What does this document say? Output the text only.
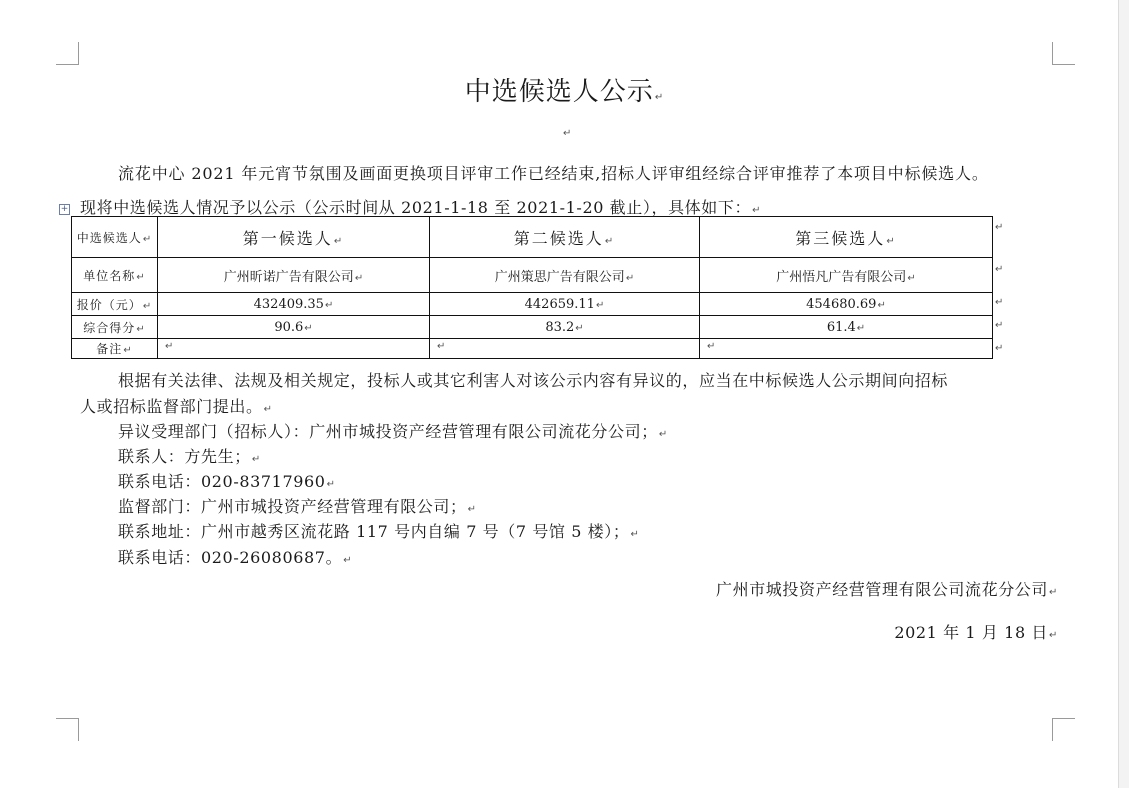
中选候选人公示↵
↵
流花中心 2021 年元宵节氛围及画面更换项目评审工作已经结束,招标人评审组经综合评审推荐了本项目中标候选人。
现将中选候选人情况予以公示（公示时间从 2021-1-18 至 2021-1-20 截止），具体如下：↵
+
中选候选人↵	第一候选人↵	第二候选人↵	第三候选人↵
单位名称↵	广州昕诺广告有限公司↵	广州策思广告有限公司↵	广州悟凡广告有限公司↵
报价（元）↵	432409.35↵	442659.11↵	454680.69↵
综合得分↵	90.6↵	83.2↵	61.4↵
备注↵	↵	↵	↵
↵
↵
↵
↵
↵
根据有关法律、法规及相关规定，投标人或其它利害人对该公示内容有异议的，应当在中标候选人公示期间向招标
人或招标监督部门提出。↵
异议受理部门（招标人）：广州市城投资产经营管理有限公司流花分公司；↵
联系人：方先生；↵
联系电话：020-83717960↵
监督部门：广州市城投资产经营管理有限公司；↵
联系地址：广州市越秀区流花路 117 号内自编 7 号（7 号馆 5 楼）；↵
联系电话：020-26080687。↵
广州市城投资产经营管理有限公司流花分公司↵
2021 年 1 月 18 日↵
